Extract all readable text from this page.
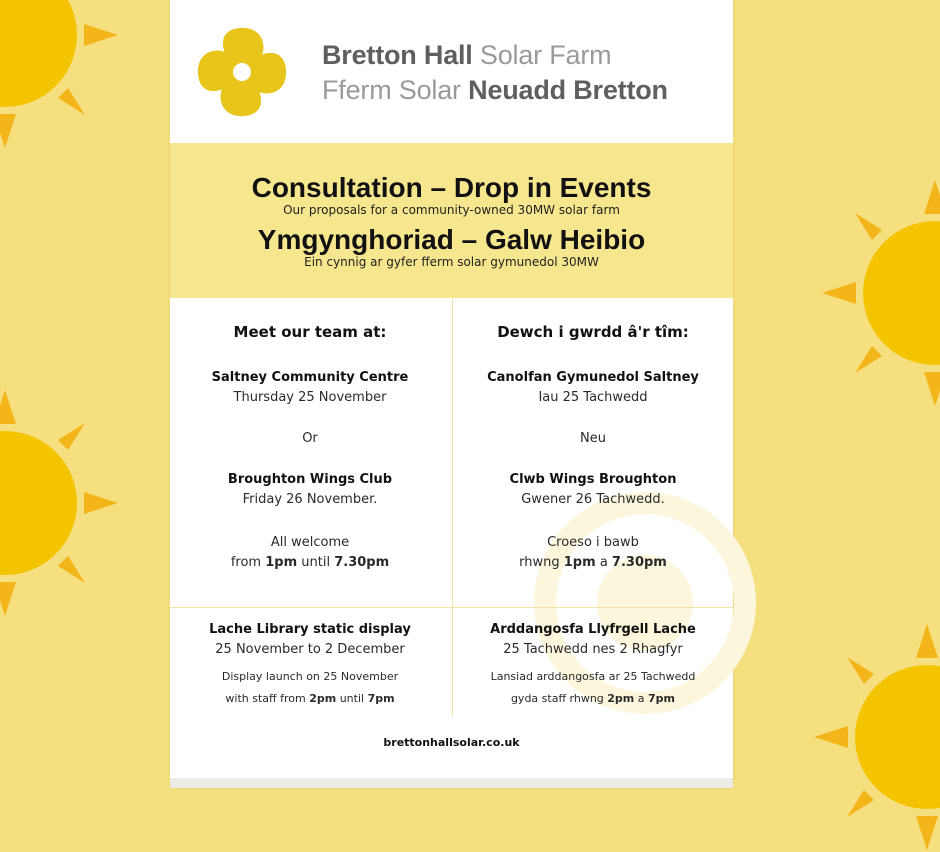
Bretton Hall Solar Farm
Fferm Solar Neuadd Bretton
Consultation – Drop in Events
Our proposals for a community-owned 30MW solar farm
Ymgynghoriad – Galw Heibio
Ein cynnig ar gyfer fferm solar gymunedol 30MW
Meet our team at:
Saltney Community Centre
Thursday 25 November
Or
Broughton Wings Club
Friday 26 November.
All welcome
from 1pm until 7.30pm
Lache Library static display
25 November to 2 December
Display launch on 25 November
with staff from 2pm until 7pm
Dewch i gwrdd â'r tîm:
Canolfan Gymunedol Saltney
Iau 25 Tachwedd
Neu
Clwb Wings Broughton
Gwener 26 Tachwedd.
Croeso i bawb
rhwng 1pm a 7.30pm
Arddangosfa Llyfrgell Lache
25 Tachwedd nes 2 Rhagfyr
Lansiad arddangosfa ar 25 Tachwedd
gyda staff rhwng 2pm a 7pm
brettonhallsolar.co.uk
